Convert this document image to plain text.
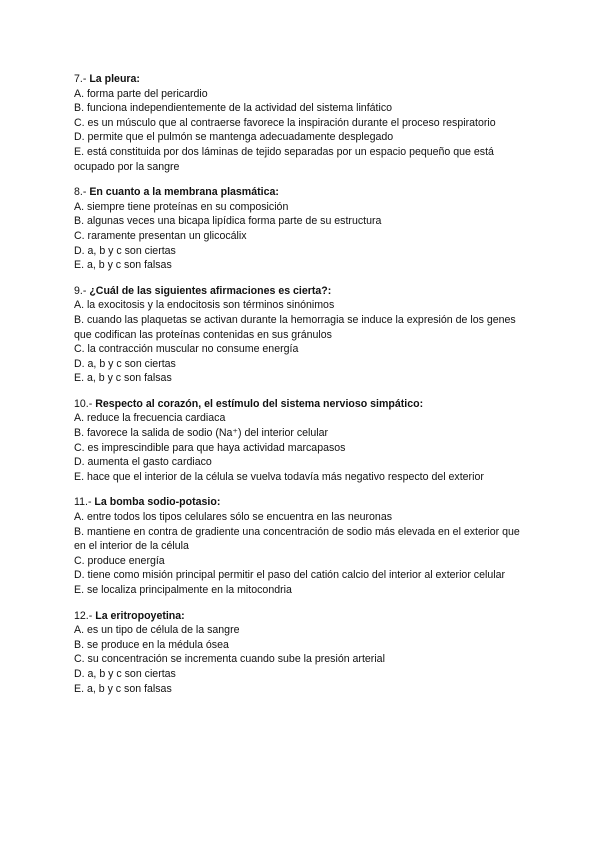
7.- La pleura:
A. forma parte del pericardio
B. funciona independientemente de la actividad del sistema linfático
C. es un músculo que al contraerse favorece la inspiración durante el proceso respiratorio
D. permite que el pulmón se mantenga adecuadamente desplegado
E. está constituida por dos láminas de tejido separadas por un espacio pequeño que está ocupado por la sangre
8.- En cuanto a la membrana plasmática:
A. siempre tiene proteínas en su composición
B. algunas veces una bicapa lipídica forma parte de su estructura
C. raramente presentan un glicocálix
D. a, b y c son ciertas
E. a, b y c son falsas
9.- ¿Cuál de las siguientes afirmaciones es cierta?:
A. la exocitosis y la endocitosis son términos sinónimos
B. cuando las plaquetas se activan durante la hemorragia se induce la expresión de los genes que codifican las proteínas contenidas en sus gránulos
C. la contracción muscular no consume energía
D. a, b y c son ciertas
E. a, b y c son falsas
10.- Respecto al corazón, el estímulo del sistema nervioso simpático:
A. reduce la frecuencia cardiaca
B. favorece la salida de sodio (Na⁺) del interior celular
C. es imprescindible para que haya actividad marcapasos
D. aumenta el gasto cardiaco
E. hace que el interior de la célula se vuelva todavía más negativo respecto del exterior
11.- La bomba sodio-potasio:
A. entre todos los tipos celulares sólo se encuentra en las neuronas
B. mantiene en contra de gradiente una concentración de sodio más elevada en el exterior que en el interior de la célula
C. produce energía
D. tiene como misión principal permitir el paso del catión calcio del interior al exterior celular
E. se localiza principalmente en la mitocondria
12.- La eritropoyetina:
A. es un tipo de célula de la sangre
B. se produce en la médula ósea
C. su concentración se incrementa cuando sube la presión arterial
D. a, b y c son ciertas
E. a, b y c son falsas
